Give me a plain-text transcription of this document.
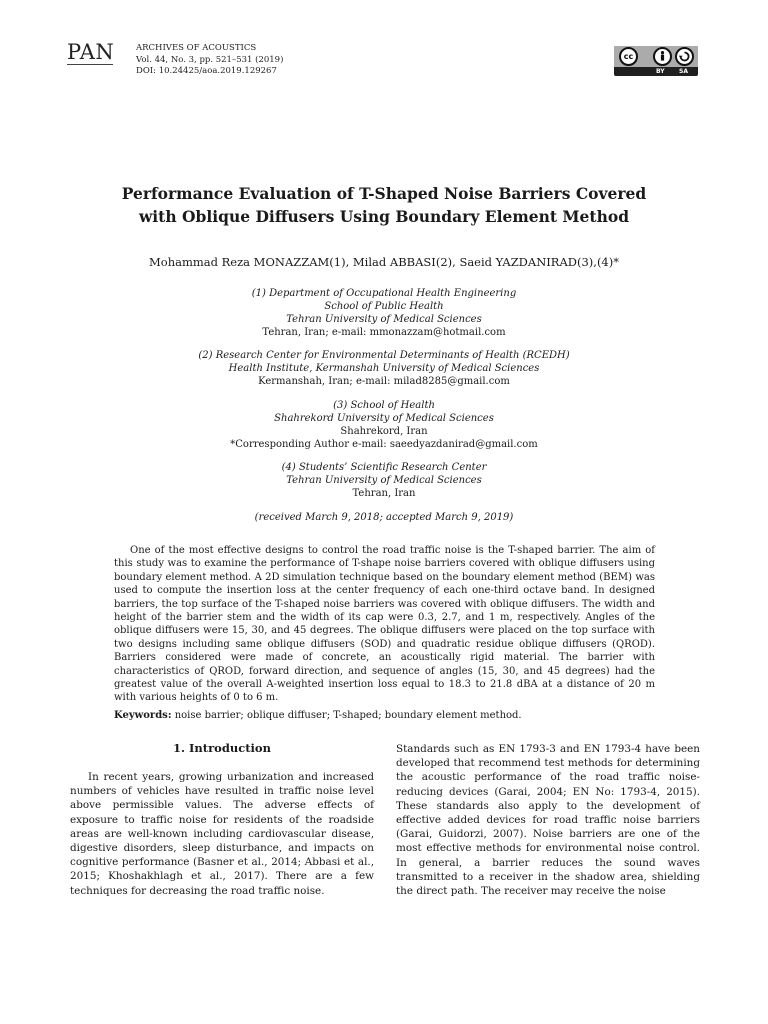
PAN	ARCHIVES OF ACOUSTICS
Vol. 44, No. 3, pp. 521–531 (2019)
DOI: 10.24425/aoa.2019.129267
cc
BY SA
Performance Evaluation of T-Shaped Noise Barriers Covered
with Oblique Diffusers Using Boundary Element Method
Mohammad Reza MONAZZAM(1), Milad ABBASI(2), Saeid YAZDANIRAD(3),(4)*
(1) Department of Occupational Health Engineering
School of Public Health
Tehran University of Medical Sciences
Tehran, Iran; e-mail: mmonazzam@hotmail.com
(2) Research Center for Environmental Determinants of Health (RCEDH)
Health Institute, Kermanshah University of Medical Sciences
Kermanshah, Iran; e-mail: milad8285@gmail.com
(3) School of Health
Shahrekord University of Medical Sciences
Shahrekord, Iran
*Corresponding Author e-mail: saeedyazdanirad@gmail.com
(4) Students’ Scientific Research Center
Tehran University of Medical Sciences
Tehran, Iran
(received March 9, 2018; accepted March 9, 2019)
One of the most effective designs to control the road traffic noise is the T-shaped barrier. The aim of this study was to examine the performance of T-shape noise barriers covered with oblique diffusers using boundary element method. A 2D simulation technique based on the boundary element method (BEM) was used to compute the insertion loss at the center frequency of each one-third octave band. In designed barriers, the top surface of the T-shaped noise barriers was covered with oblique diffusers. The width and height of the barrier stem and the width of its cap were 0.3, 2.7, and 1 m, respectively. Angles of the oblique diffusers were 15, 30, and 45 degrees. The oblique diffusers were placed on the top surface with two designs including same oblique diffusers (SOD) and quadratic residue oblique diffusers (QROD). Barriers considered were made of concrete, an acoustically rigid material. The barrier with characteristics of QROD, forward direction, and sequence of angles (15, 30, and 45 degrees) had the greatest value of the overall A-weighted insertion loss equal to 18.3 to 21.8 dBA at a distance of 20 m with various heights of 0 to 6 m.
Keywords: noise barrier; oblique diffuser; T-shaped; boundary element method.
1. Introduction
In recent years, growing urbanization and increased numbers of vehicles have resulted in traffic noise level above permissible values. The adverse effects of exposure to traffic noise for residents of the roadside areas are well-known including cardiovascular disease, digestive disorders, sleep disturbance, and impacts on cognitive performance (Basner et al., 2014; Abbasi et al., 2015; Khoshakhlagh et al., 2017). There are a few techniques for decreasing the road traffic noise.
Standards such as EN 1793-3 and EN 1793-4 have been developed that recommend test methods for determining the acoustic performance of the road traffic noise-reducing devices (Garai, 2004; EN No: 1793-4, 2015). These standards also apply to the development of effective added devices for road traffic noise barriers (Garai, Guidorzi, 2007). Noise barriers are one of the most effective methods for environmental noise control. In general, a barrier reduces the sound waves transmitted to a receiver in the shadow area, shielding the direct path. The receiver may receive the noise
